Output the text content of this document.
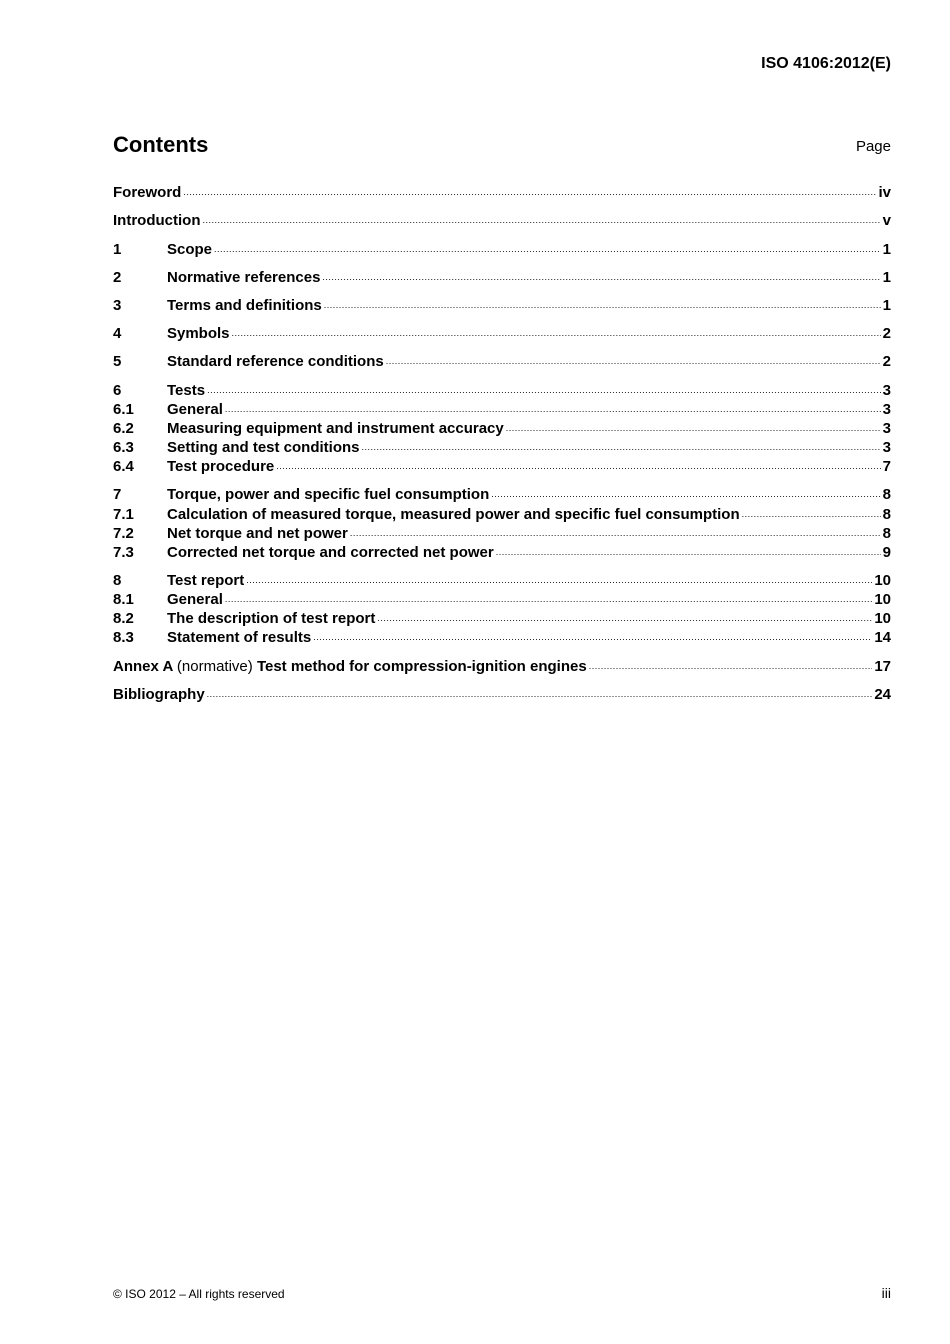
ISO 4106:2012(E)
Contents	Page
Foreword .....	iv
Introduction .....	v
1	Scope .....	1
2	Normative references .....	1
3	Terms and definitions .....	1
4	Symbols .....	2
5	Standard reference conditions .....	2
6	Tests .....	3
6.1	General .....	3
6.2	Measuring equipment and instrument accuracy .....	3
6.3	Setting and test conditions .....	3
6.4	Test procedure .....	7
7	Torque, power and specific fuel consumption .....	8
7.1	Calculation of measured torque, measured power and specific fuel consumption .....	8
7.2	Net torque and net power .....	8
7.3	Corrected net torque and corrected net power .....	9
8	Test report .....	10
8.1	General .....	10
8.2	The description of test report .....	10
8.3	Statement of results .....	14
Annex A (normative) Test method for compression-ignition engines .....	17
Bibliography .....	24
© ISO 2012 – All rights reserved	iii
